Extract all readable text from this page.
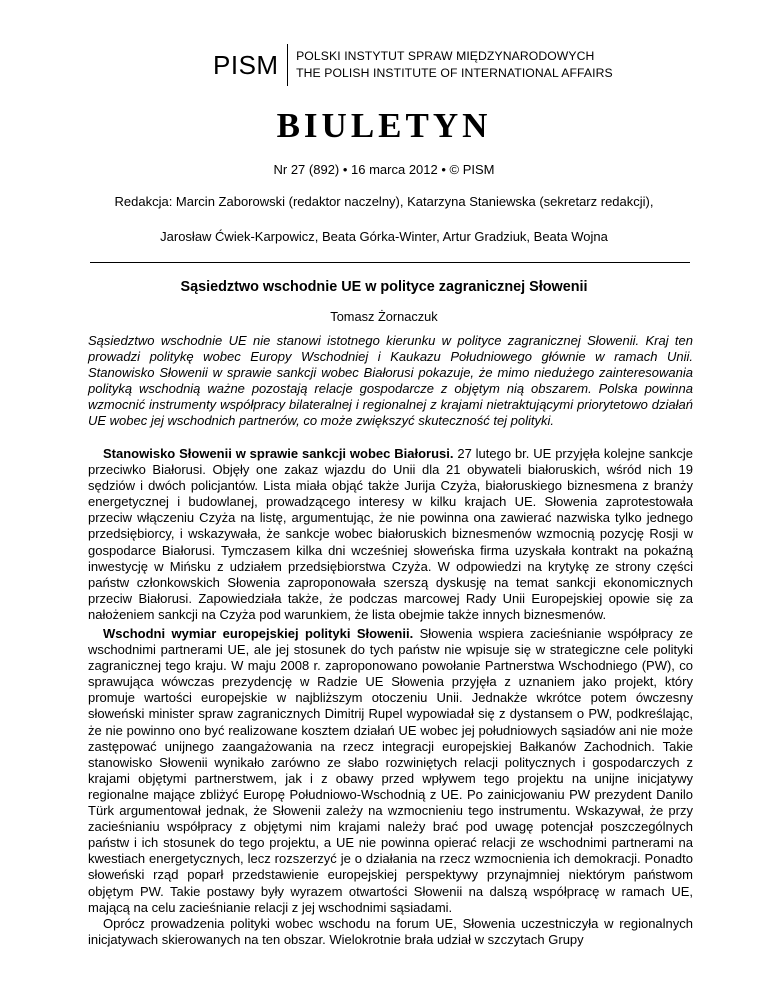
PISM	POLSKI INSTYTUT SPRAW MIĘDZYNARODOWYCH
THE POLISH INSTITUTE OF INTERNATIONAL AFFAIRS
BIULETYN
Nr 27 (892) • 16 marca 2012 • © PISM
Redakcja: Marcin Zaborowski (redaktor naczelny), Katarzyna Staniewska (sekretarz redakcji),
Jarosław Ćwiek-Karpowicz, Beata Górka-Winter, Artur Gradziuk, Beata Wojna
Sąsiedztwo wschodnie UE w polityce zagranicznej Słowenii
Tomasz Żornaczuk
Sąsiedztwo wschodnie UE nie stanowi istotnego kierunku w polityce zagranicznej Słowenii. Kraj ten prowadzi politykę wobec Europy Wschodniej i Kaukazu Południowego głównie w ramach Unii. Stanowisko Słowenii w sprawie sankcji wobec Białorusi pokazuje, że mimo niedużego zainteresowania polityką wschodnią ważne pozostają relacje gospodarcze z objętym nią obszarem. Polska powinna wzmocnić instrumenty współpracy bilateralnej i regionalnej z krajami nietraktującymi priorytetowo działań UE wobec jej wschodnich partnerów, co może zwiększyć skuteczność tej polityki.
Stanowisko Słowenii w sprawie sankcji wobec Białorusi. 27 lutego br. UE przyjęła kolejne sankcje przeciwko Białorusi. Objęły one zakaz wjazdu do Unii dla 21 obywateli białoruskich, wśród nich 19 sędziów i dwóch policjantów. Lista miała objąć także Jurija Czyża, białoruskiego biznesmena z branży energetycznej i budowlanej, prowadzącego interesy w kilku krajach UE. Słowenia zaprotestowała przeciw włączeniu Czyża na listę, argumentując, że nie powinna ona zawierać nazwiska tylko jednego przedsiębiorcy, i wskazywała, że sankcje wobec białoruskich biznesmenów wzmocnią pozycję Rosji w gospodarce Białorusi. Tymczasem kilka dni wcześniej słoweńska firma uzyskała kontrakt na pokaźną inwestycję w Mińsku z udziałem przedsiębiorstwa Czyża. W odpowiedzi na krytykę ze strony części państw członkowskich Słowenia zaproponowała szerszą dyskusję na temat sankcji ekonomicznych przeciw Białorusi. Zapowiedziała także, że podczas marcowej Rady Unii Europejskiej opowie się za nałożeniem sankcji na Czyża pod warunkiem, że lista obejmie także innych biznesmenów.
Wschodni wymiar europejskiej polityki Słowenii. Słowenia wspiera zacieśnianie współpracy ze wschodnimi partnerami UE, ale jej stosunek do tych państw nie wpisuje się w strategiczne cele polityki zagranicznej tego kraju. W maju 2008 r. zaproponowano powołanie Partnerstwa Wschodniego (PW), co sprawująca wówczas prezydencję w Radzie UE Słowenia przyjęła z uznaniem jako projekt, który promuje wartości europejskie w najbliższym otoczeniu Unii. Jednakże wkrótce potem ówczesny słoweński minister spraw zagranicznych Dimitrij Rupel wypowiadał się z dystansem o PW, podkreślając, że nie powinno ono być realizowane kosztem działań UE wobec jej południowych sąsiadów ani nie może zastępować unijnego zaangażowania na rzecz integracji europejskiej Bałkanów Zachodnich. Takie stanowisko Słowenii wynikało zarówno ze słabo rozwiniętych relacji politycznych i gospodarczych z krajami objętymi partnerstwem, jak i z obawy przed wpływem tego projektu na unijne inicjatywy regionalne mające zbliżyć Europę Południowo-Wschodnią z UE. Po zainicjowaniu PW prezydent Danilo Türk argumentował jednak, że Słowenii zależy na wzmocnieniu tego instrumentu. Wskazywał, że przy zacieśnianiu współpracy z objętymi nim krajami należy brać pod uwagę potencjał poszczególnych państw i ich stosunek do tego projektu, a UE nie powinna opierać relacji ze wschodnimi partnerami na kwestiach energetycznych, lecz rozszerzyć je o działania na rzecz wzmocnienia ich demokracji. Ponadto słoweński rząd poparł przedstawienie europejskiej perspektywy przynajmniej niektórym państwom objętym PW. Takie postawy były wyrazem otwartości Słowenii na dalszą współpracę w ramach UE, mającą na celu zacieśnianie relacji z jej wschodnimi sąsiadami.
Oprócz prowadzenia polityki wobec wschodu na forum UE, Słowenia uczestniczyła w regionalnych inicjatywach skierowanych na ten obszar. Wielokrotnie brała udział w szczytach Grupy
